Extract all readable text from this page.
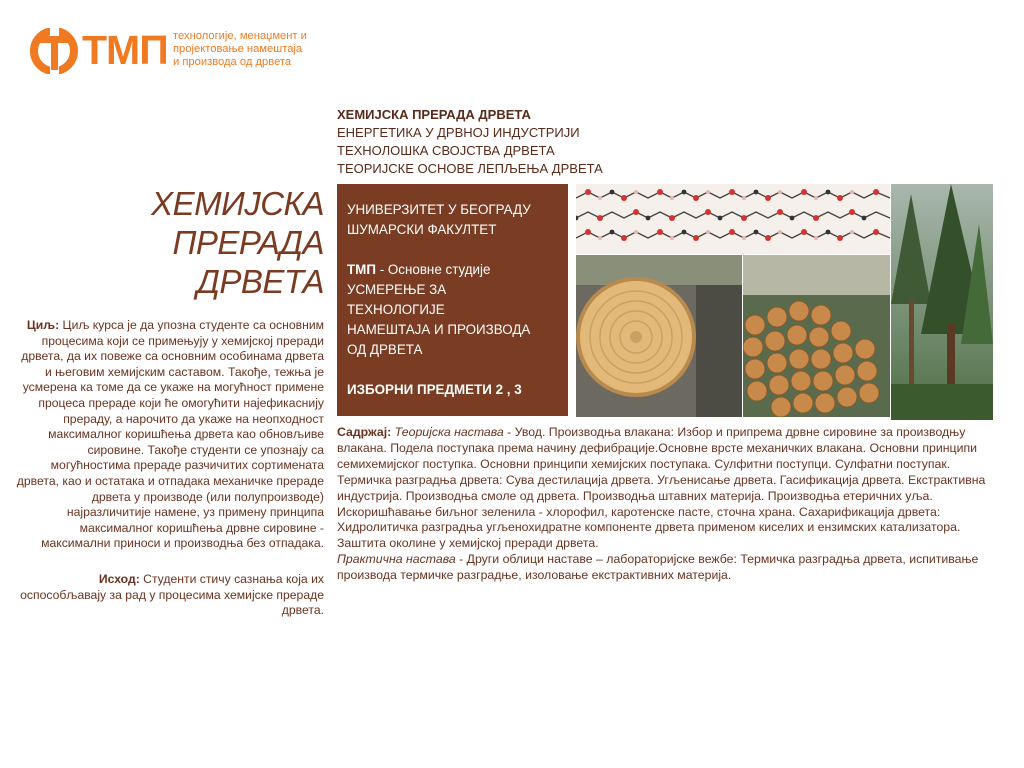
ТМП технологије, менаџмент и
пројектовање намештаја
и производа од дрвета
ХЕМИЈСКА ПРЕРАДА ДРВЕТА
ЕНЕРГЕТИКА У ДРВНОЈ ИНДУСТРИЈИ
ТЕХНОЛОШКА СВОЈСТВА ДРВЕТА
ТЕОРИЈСКЕ ОСНОВЕ ЛЕПЉЕЊА ДРВЕТА
ХЕМИЈСКА
ПРЕРАДА
ДРВЕТА
Циљ: Циљ курса је да упозна студенте са основним процесима који се примењују у хемијској преради дрвета, да их повеже са основним особинама дрвета и његовим хемијским саставом. Такође, тежња је усмерена ка томе да се укаже на могућност примене процеса прераде који ће омогућити најефикаснију прераду, а нарочито да укаже на неопходност максималног коришћења дрвета као обновљиве сировине. Такође студенти се упознају са могућностима прераде разчичитих сортимената дрвета, као и остатака и отпадака механичке прераде дрвета у производе (или полупроизводе) најразличитије намене, уз примену принципа максималног коришћења дрвне сировине - максимални приноси и производња без отпадака.
Исход: Студенти стичу сазнања која их оспособљавају за рад у процесима хемијске прераде дрвета.
УНИВЕРЗИТЕТ У БЕОГРАДУ
ШУМАРСКИ ФАКУЛТЕТ
ТМП - Основне студије
УСМЕРЕЊЕ ЗА
ТЕХНОЛОГИЈЕ
НАМЕШТАЈА И ПРОИЗВОДА
ОД ДРВЕТА
ИЗБОРНИ ПРЕДМЕТИ 2 , 3
Садржај: Теоријска настава - Увод. Производња влакана: Избор и припрема дрвне сировине за производњу влакана. Подела поступака према начину дефибрације.Основне врсте механичких влакана. Основни принципи семихемијског поступка. Основни принципи хемијских поступака. Сулфитни поступци. Сулфатни поступак. Термичка разградња дрвета: Сува дестилација дрвета. Угљенисање дрвета. Гасификација дрвета. Екстрактивна индустрија. Производња смоле од дрвета. Производња штавних материја. Производња етеричних уља. Искоришћавање биљног зеленила - хлорофил, каротенске пасте, сточна храна. Сахарификација дрвета: Хидролитичка разградња угљенохидратне компоненте дрвета применом киселих и ензимских катализатора. Заштита околине у хемијској преради дрвета.
Практична настава - Други облици наставе – лабораторијске вежбе: Термичка разградња дрвета, испитивање производа термичке разградње, изоловање екстрактивних материја.
